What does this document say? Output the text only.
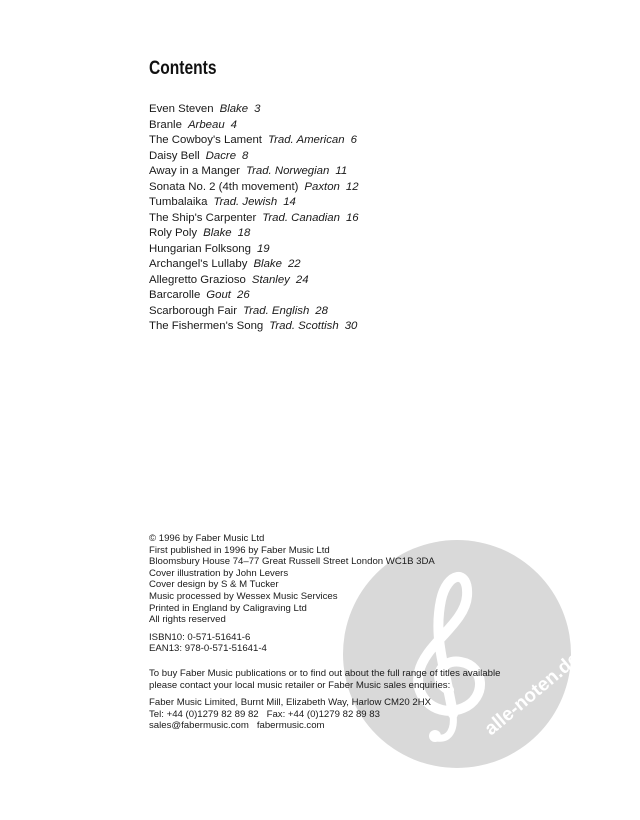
Contents
Even Steven Blake 3
Branle Arbeau 4
The Cowboy's Lament Trad. American 6
Daisy Bell Dacre 8
Away in a Manger Trad. Norwegian 11
Sonata No. 2 (4th movement) Paxton 12
Tumbalaika Trad. Jewish 14
The Ship's Carpenter Trad. Canadian 16
Roly Poly Blake 18
Hungarian Folksong 19
Archangel's Lullaby Blake 22
Allegretto Grazioso Stanley 24
Barcarolle Gout 26
Scarborough Fair Trad. English 28
The Fishermen's Song Trad. Scottish 30
alle-noten.de
© 1996 by Faber Music Ltd
First published in 1996 by Faber Music Ltd
Bloomsbury House 74–77 Great Russell Street London WC1B 3DA
Cover illustration by John Levers
Cover design by S & M Tucker
Music processed by Wessex Music Services
Printed in England by Caligraving Ltd
All rights reserved
ISBN10: 0-571-51641-6
EAN13: 978-0-571-51641-4
To buy Faber Music publications or to find out about the full range of titles available
please contact your local music retailer or Faber Music sales enquiries:
Faber Music Limited, Burnt Mill, Elizabeth Way, Harlow CM20 2HX
Tel: +44 (0)1279 82 89 82   Fax: +44 (0)1279 82 89 83
sales@fabermusic.com   fabermusic.com
